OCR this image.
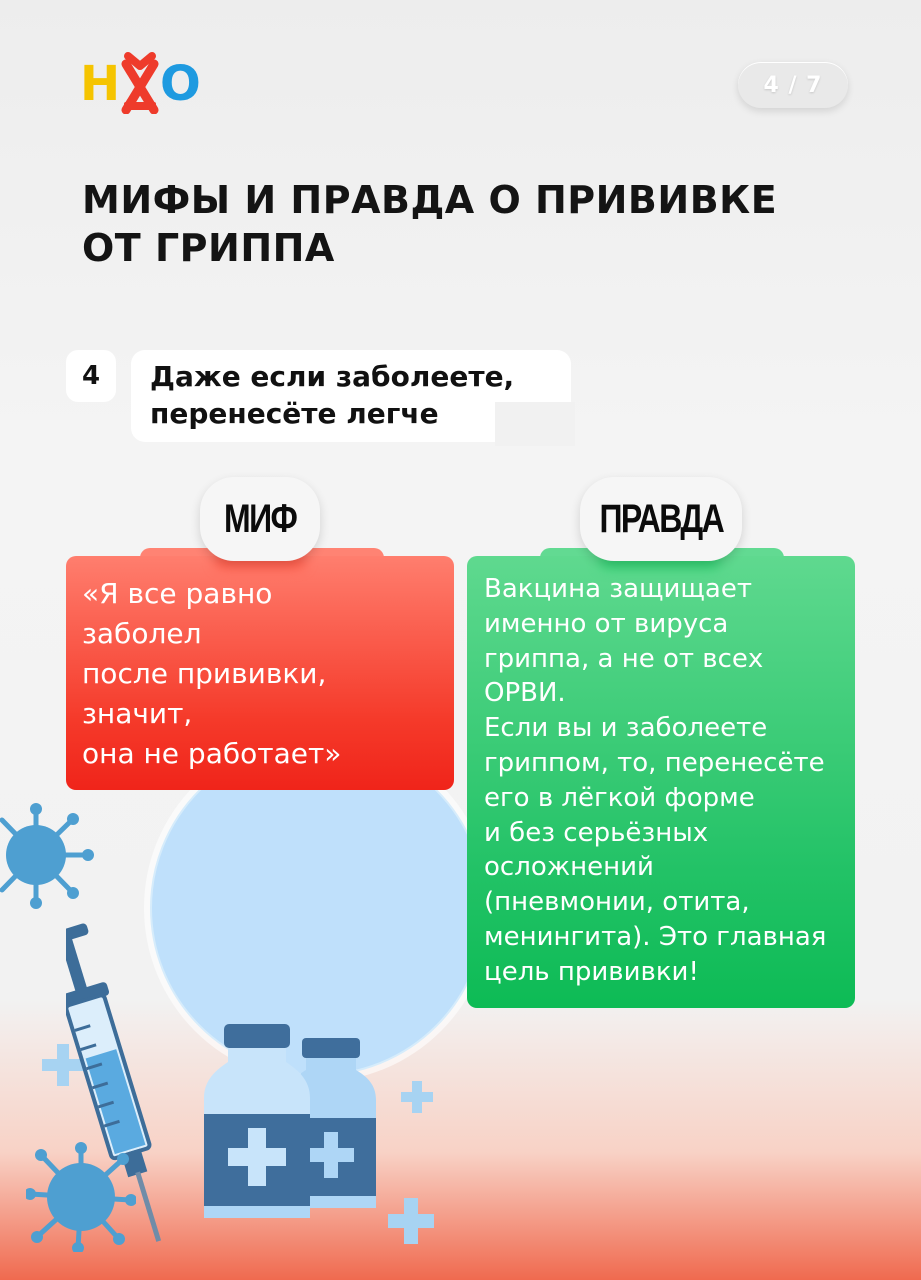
Н О	4 / 7
МИФЫ И ПРАВДА О ПРИВИВКЕ
ОТ ГРИППА
4	Даже если заболеете,
перенесёте легче
«Я все равно
заболел
после прививки,
значит,
она не работает»
Вакцина защищает
именно от вируса
гриппа, а не от всех
ОРВИ.
Если вы и заболеете
гриппом, то, перенесёте
его в лёгкой форме
и без серьёзных
осложнений
(пневмонии, отита,
менингита). Это главная
цель прививки!
МИФ	ПРАВДА
